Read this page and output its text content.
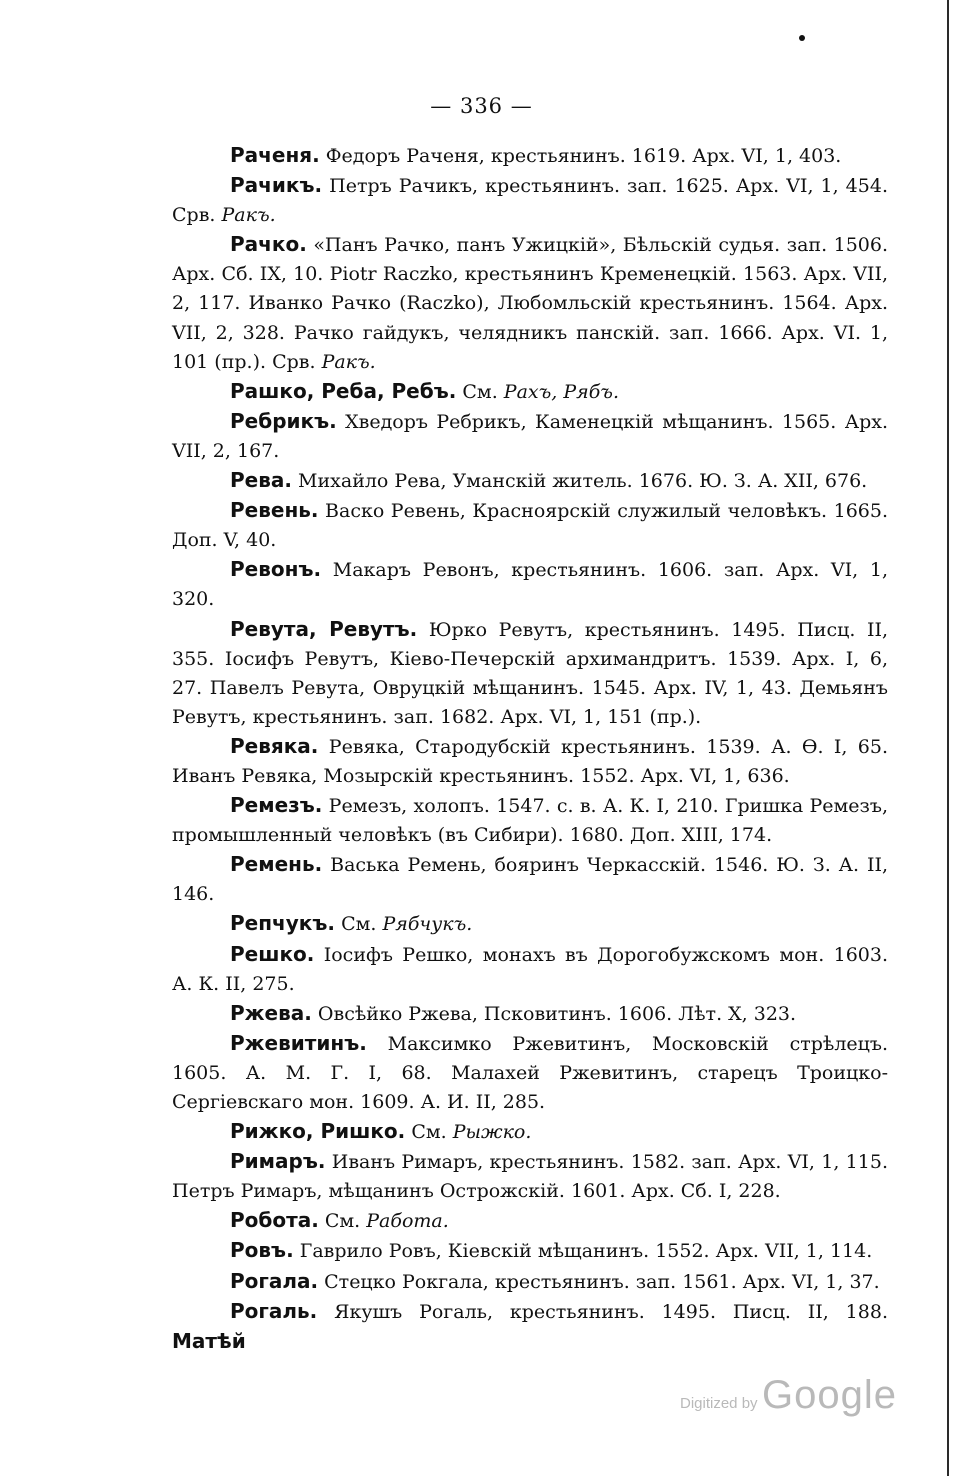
— 336 —

Раченя. Федоръ Раченя, крестьянинъ. 1619. Арх. VI, 1, 403.

Рачикъ. Петръ Рачикъ, крестьянинъ. зап. 1625. Арх. VI, 1, 454. Срв. Ракъ.

Рачко. «Панъ Рачко, панъ Ужицкій», Бѣльскій судья. зап. 1506. Арх. Сб. IX, 10. Piotr Raczko, крестьянинъ Кременецкій. 1563. Арх. VII, 2, 117. Иванко Рачко (Raczko), Любомльскій крестьянинъ. 1564. Арх. VII, 2, 328. Рачко гайдукъ, челядникъ панскій. зап. 1666. Арх. VI. 1, 101 (пр.). Срв. Ракъ.

Рашко, Реба, Ребъ. См. Рахъ, Рябъ.

Ребрикъ. Хведоръ Ребрикъ, Каменецкій мѣщанинъ. 1565. Арх. VII, 2, 167.

Рева. Михайло Рева, Уманскій житель. 1676. Ю. З. А. XII, 676.

Ревень. Васко Ревень, Красноярскій служилый человѣкъ. 1665. Доп. V, 40.

Ревонъ. Макаръ Ревонъ, крестьянинъ. 1606. зап. Арх. VI, 1, 320.

Ревута, Ревутъ. Юрко Ревутъ, крестьянинъ. 1495. Писц. II, 355. Іосифъ Ревутъ, Кіево-Печерскій архимандритъ. 1539. Арх. I, 6, 27. Павелъ Ревута, Овруцкій мѣщанинъ. 1545. Арх. IV, 1, 43. Демьянъ Ревутъ, крестьянинъ. зап. 1682. Арх. VI, 1, 151 (пр.).

Ревяка. Ревяка, Стародубскій крестьянинъ. 1539. А. Ѳ. I, 65. Иванъ Ревяка, Мозырскій крестьянинъ. 1552. Арх. VI, 1, 636.

Ремезъ. Ремезъ, холопъ. 1547. с. в. А. К. I, 210. Гришка Ремезъ, промышленный человѣкъ (въ Сибири). 1680. Доп. XIII, 174.

Ремень. Васька Ремень, бояринъ Черкасскій. 1546. Ю. З. А. II, 146.

Репчукъ. См. Рябчукъ.

Решко. Іосифъ Решко, монахъ въ Дорогобужскомъ мон. 1603. А. К. II, 275.

Ржева. Овсѣйко Ржева, Псковитинъ. 1606. Лѣт. X, 323.

Ржевитинъ. Максимко Ржевитинъ, Московскій стрѣлецъ. 1605. А. М. Г. I, 68. Малахей Ржевитинъ, старецъ Троицко-Сергіевскаго мон. 1609. А. И. II, 285.

Рижко, Ришко. См. Рыжко.

Римаръ. Иванъ Римаръ, крестьянинъ. 1582. зап. Арх. VI, 1, 115. Петръ Римаръ, мѣщанинъ Острожскій. 1601. Арх. Сб. I, 228.

Робота. См. Работа.

Ровъ. Гаврило Ровъ, Кіевскій мѣщанинъ. 1552. Арх. VII, 1, 114.

Рогала. Стецко Рокгала, крестьянинъ. зап. 1561. Арх. VI, 1, 37.

Рогаль. Якушъ Рогаль, крестьянинъ. 1495. Писц. II, 188. Матѣй

Digitized by Google
